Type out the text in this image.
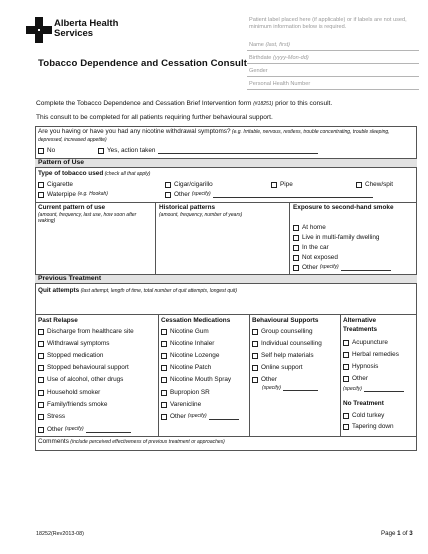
Alberta Health
Services
Tobacco Dependence and Cessation Consult
Patient label placed here (if applicable) or if labels are not used, minimum information below is required.
Name (last, first)
Birthdate (yyyy-Mon-dd)
Gender
Personal Health Number
Complete the Tobacco Dependence and Cessation Brief Intervention form (#18251) prior to this consult.
This consult to be completed for all patients requiring further behavioural support.
Are you having or have you had any nicotine withdrawal symptoms? (e.g. Irritable, nervous, restless, trouble concentrating, trouble sleeping, depressed, increased appetite)
No	Yes, action taken
Pattern of Use
Type of tobacco used (check all that apply)
Cigarette	Cigar/cigarillo	Pipe	Chew/spit
Waterpipe
(e.g. Hookah)	Other
(specify)
Current pattern of use
(amount, frequency, last use, how soon after waking)
Historical patterns
(amount, frequency, number of years)
Exposure to second-hand smoke
At home
Live in multi-family dwelling
In the car
Not exposed
Other
(specify)
Previous Treatment
Quit attempts (last attempt, length of time, total number of quit attempts, longest quit)
Past Relapse
Discharge from healthcare site
Withdrawal symptoms
Stopped medication
Stopped behavioural support
Use of alcohol, other drugs
Household smoker
Family/friends smoke
Stress
Other
(specify)
Cessation Medications
Nicotine Gum
Nicotine Inhaler
Nicotine Lozenge
Nicotine Patch
Nicotine Mouth Spray
Bupropion SR
Varenicline
Other
(specify)
Behavioural Supports
Group counselling
Individual counselling
Self help materials
Online support
Other
(specify)
Alternative
Treatments
Acupuncture
Herbal remedies
Hypnosis
Other
(specify)
No Treatment
Cold turkey
Tapering down
Comments (include perceived effectiveness of previous treatment or approaches)
18252(Rev2013-08)	Page 1 of 3
